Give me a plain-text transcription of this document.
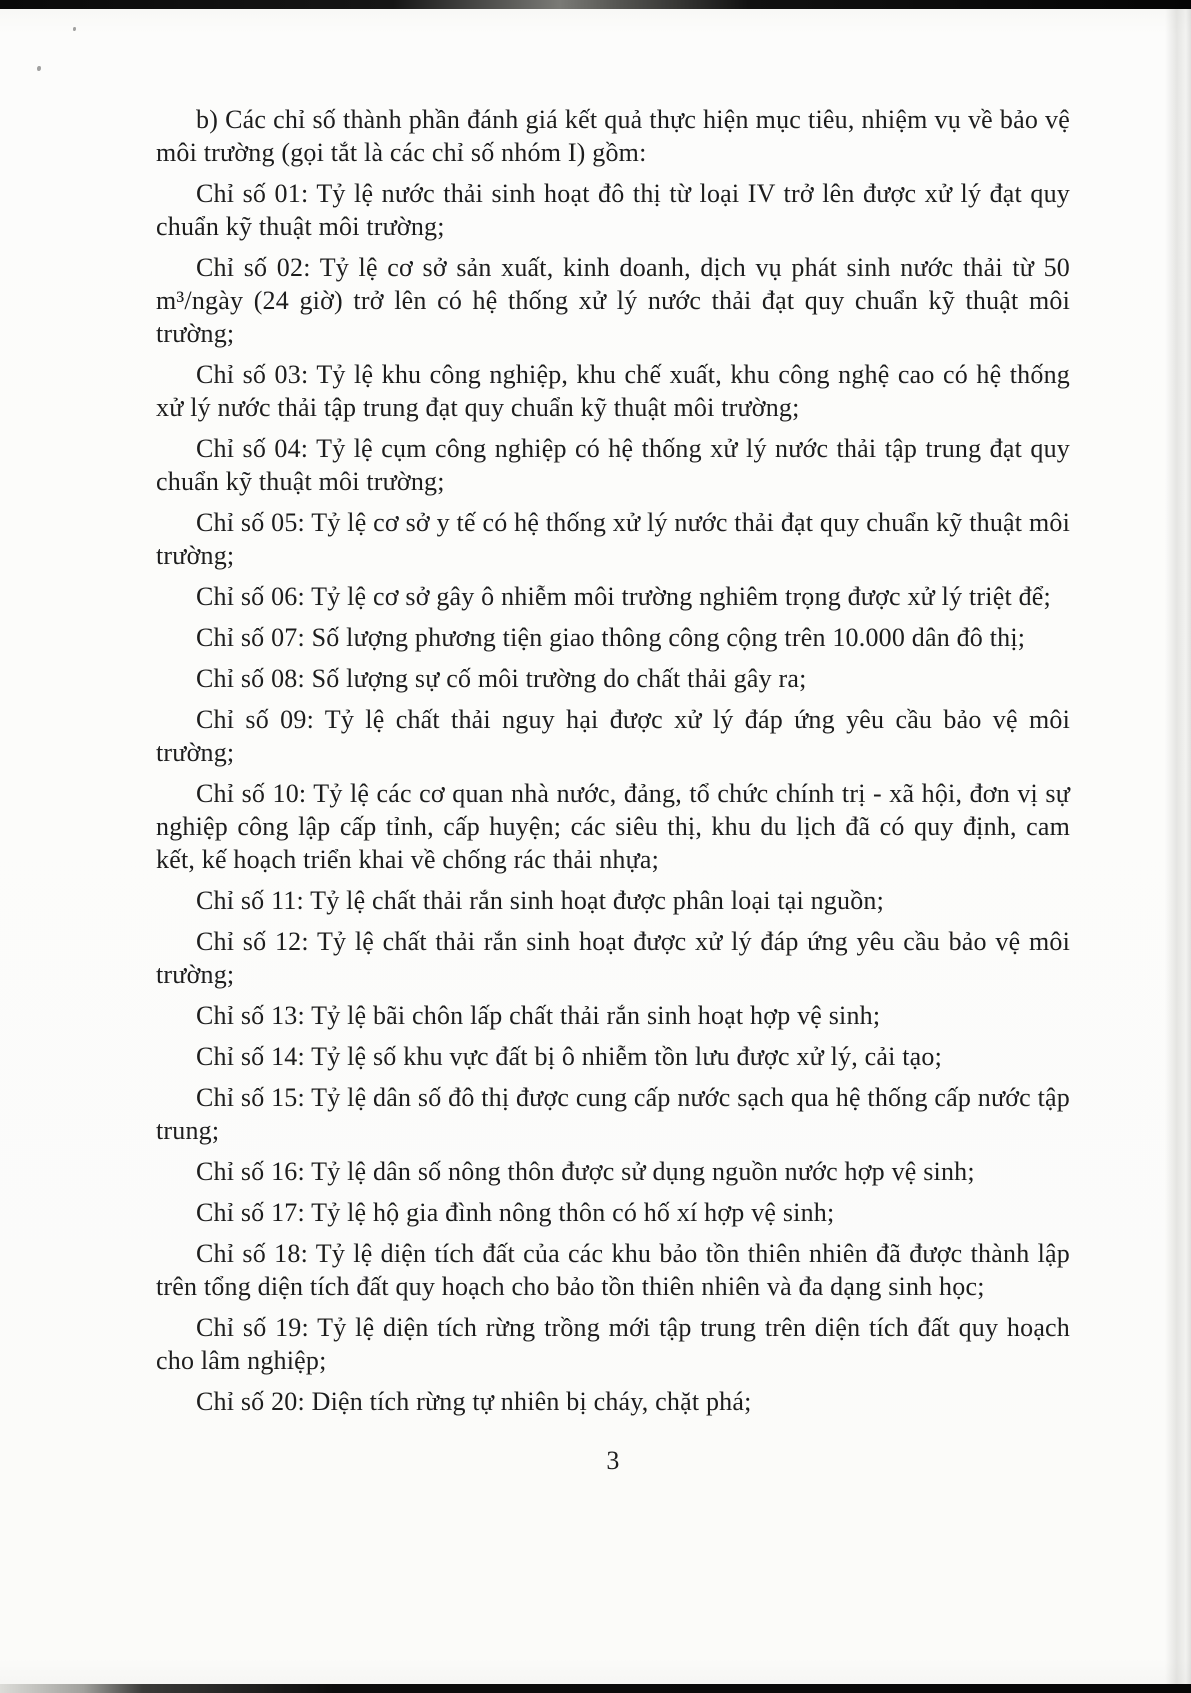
b) Các chỉ số thành phần đánh giá kết quả thực hiện mục tiêu, nhiệm vụ về bảo vệ môi trường (gọi tắt là các chỉ số nhóm I) gồm:

Chỉ số 01: Tỷ lệ nước thải sinh hoạt đô thị từ loại IV trở lên được xử lý đạt quy chuẩn kỹ thuật môi trường;

Chỉ số 02: Tỷ lệ cơ sở sản xuất, kinh doanh, dịch vụ phát sinh nước thải từ 50 m³/ngày (24 giờ) trở lên có hệ thống xử lý nước thải đạt quy chuẩn kỹ thuật môi trường;

Chỉ số 03: Tỷ lệ khu công nghiệp, khu chế xuất, khu công nghệ cao có hệ thống xử lý nước thải tập trung đạt quy chuẩn kỹ thuật môi trường;

Chỉ số 04: Tỷ lệ cụm công nghiệp có hệ thống xử lý nước thải tập trung đạt quy chuẩn kỹ thuật môi trường;

Chỉ số 05: Tỷ lệ cơ sở y tế có hệ thống xử lý nước thải đạt quy chuẩn kỹ thuật môi trường;

Chỉ số 06: Tỷ lệ cơ sở gây ô nhiễm môi trường nghiêm trọng được xử lý triệt để;

Chỉ số 07: Số lượng phương tiện giao thông công cộng trên 10.000 dân đô thị;

Chỉ số 08: Số lượng sự cố môi trường do chất thải gây ra;

Chỉ số 09: Tỷ lệ chất thải nguy hại được xử lý đáp ứng yêu cầu bảo vệ môi trường;

Chỉ số 10: Tỷ lệ các cơ quan nhà nước, đảng, tổ chức chính trị - xã hội, đơn vị sự nghiệp công lập cấp tỉnh, cấp huyện; các siêu thị, khu du lịch đã có quy định, cam kết, kế hoạch triển khai về chống rác thải nhựa;

Chỉ số 11: Tỷ lệ chất thải rắn sinh hoạt được phân loại tại nguồn;

Chỉ số 12: Tỷ lệ chất thải rắn sinh hoạt được xử lý đáp ứng yêu cầu bảo vệ môi trường;

Chỉ số 13: Tỷ lệ bãi chôn lấp chất thải rắn sinh hoạt hợp vệ sinh;

Chỉ số 14: Tỷ lệ số khu vực đất bị ô nhiễm tồn lưu được xử lý, cải tạo;

Chỉ số 15: Tỷ lệ dân số đô thị được cung cấp nước sạch qua hệ thống cấp nước tập trung;

Chỉ số 16: Tỷ lệ dân số nông thôn được sử dụng nguồn nước hợp vệ sinh;

Chỉ số 17: Tỷ lệ hộ gia đình nông thôn có hố xí hợp vệ sinh;

Chỉ số 18: Tỷ lệ diện tích đất của các khu bảo tồn thiên nhiên đã được thành lập trên tổng diện tích đất quy hoạch cho bảo tồn thiên nhiên và đa dạng sinh học;

Chỉ số 19: Tỷ lệ diện tích rừng trồng mới tập trung trên diện tích đất quy hoạch cho lâm nghiệp;

Chỉ số 20: Diện tích rừng tự nhiên bị cháy, chặt phá;

3
